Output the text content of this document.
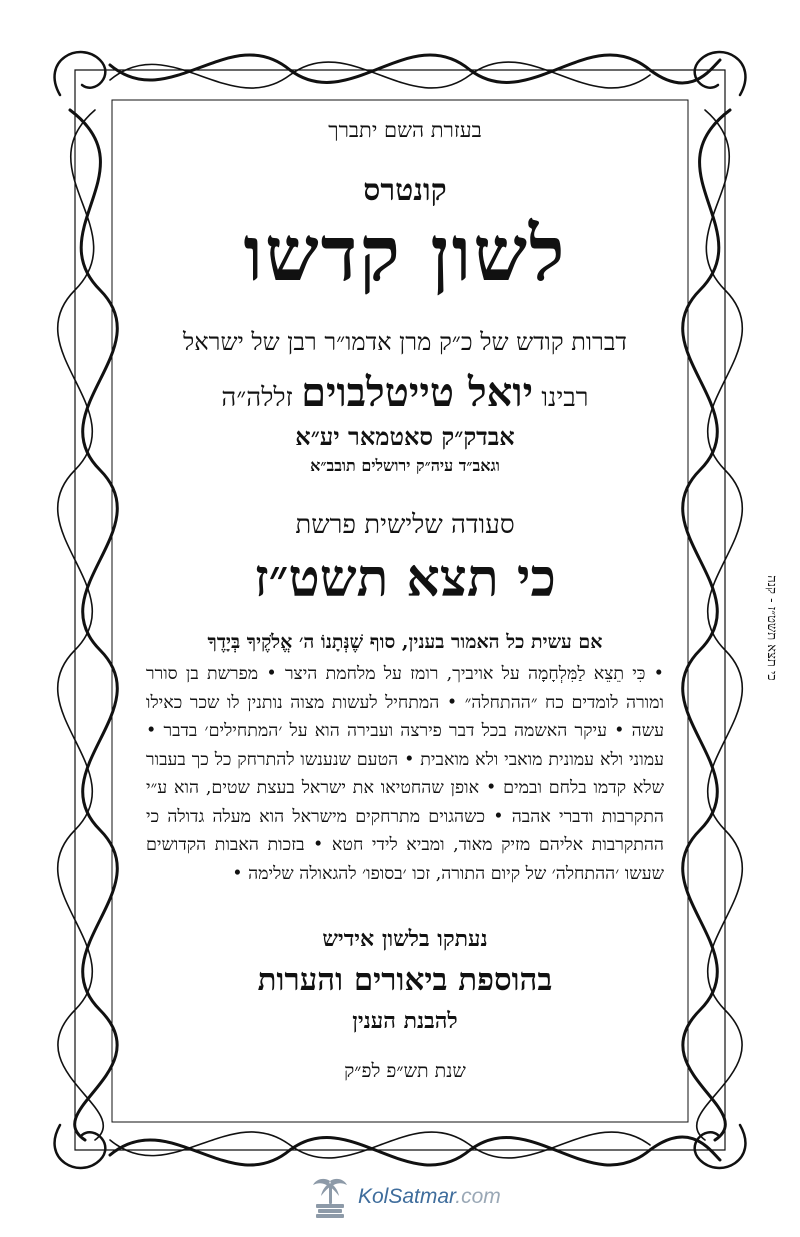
בעזרת השם יתברך
קונטרס
לשון קדשו
דברות קודש של כ״ק מרן אדמו״ר רבן של ישראל
רבינו יואל טייטלבוים זללה״ה
אבדק״ק סאטמאר יע״א
וגאב״ד עיה״ק ירושלים תובב״א
סעודה שלישית פרשת
כי תצא תשט״ז
אם עשית כל האמור בענין, סוף שֶׁנְּתָנוֹ ה׳ אֱלֹקֶיךָ בְּיָדֶךָ
• כִּי תֵצֵא לַמִּלְחָמָה על אויביך, רומז על מלחמת היצר • מפרשת בן סורר ומורה לומדים כח ״ההתחלה״ • המתחיל לעשות מצוה נותנין לו שכר כאילו עשה • עיקר האשמה בכל דבר פירצה ועבירה הוא על ׳המתחילים׳ בדבר • עמוני ולא עמונית מואבי ולא מואבית • הטעם שנענשו להתרחק כל כך בעבור שלא קדמו בלחם ובמים • אופן שהחטיאו את ישראל בעצת שטים, הוא ע״י התקרבות ודברי אהבה • כשהגוים מתרחקים מישראל הוא מעלה גדולה כי ההתקרבות אליהם מזיק מאוד, ומביא לידי חטא • בזכות האבות הקדושים שעשו ׳ההתחלה׳ של קיום התורה, זכו ׳בסופו׳ להגאולה שלימה •
נעתקו בלשון אידיש
בהוספת ביאורים והערות
להבנת הענין
שנת תש״פ לפ״ק
כי תצא תשט״ז - קנה
KolSatmar.com
